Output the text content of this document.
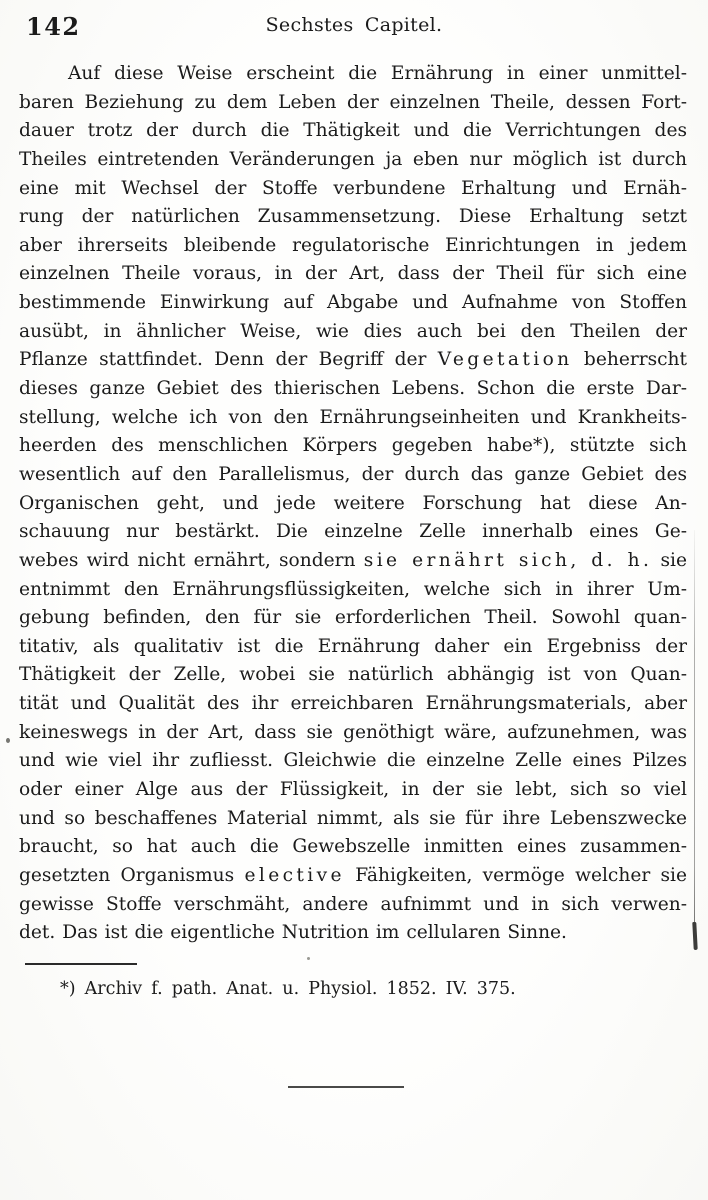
142	Sechstes Capitel.
Auf diese Weise erscheint die Ernährung in einer unmittel-
baren Beziehung zu dem Leben der einzelnen Theile, dessen Fort-
dauer trotz der durch die Thätigkeit und die Verrichtungen des
Theiles eintretenden Veränderungen ja eben nur möglich ist durch
eine mit Wechsel der Stoffe verbundene Erhaltung und Ernäh-
rung der natürlichen Zusammensetzung. Diese Erhaltung setzt
aber ihrerseits bleibende regulatorische Einrichtungen in jedem
einzelnen Theile voraus, in der Art, dass der Theil für sich eine
bestimmende Einwirkung auf Abgabe und Aufnahme von Stoffen
ausübt, in ähnlicher Weise, wie dies auch bei den Theilen der
Pflanze stattfindet. Denn der Begriff der Vegetation beherrscht
dieses ganze Gebiet des thierischen Lebens. Schon die erste Dar-
stellung, welche ich von den Ernährungseinheiten und Krankheits-
heerden des menschlichen Körpers gegeben habe*), stützte sich
wesentlich auf den Parallelismus, der durch das ganze Gebiet des
Organischen geht, und jede weitere Forschung hat diese An-
schauung nur bestärkt. Die einzelne Zelle innerhalb eines Ge-
webes wird nicht ernährt, sondern sie ernährt sich, d. h. sie
entnimmt den Ernährungsflüssigkeiten, welche sich in ihrer Um-
gebung befinden, den für sie erforderlichen Theil. Sowohl quan-
titativ, als qualitativ ist die Ernährung daher ein Ergebniss der
Thätigkeit der Zelle, wobei sie natürlich abhängig ist von Quan-
tität und Qualität des ihr erreichbaren Ernährungsmaterials, aber
keineswegs in der Art, dass sie genöthigt wäre, aufzunehmen, was
und wie viel ihr zufliesst. Gleichwie die einzelne Zelle eines Pilzes
oder einer Alge aus der Flüssigkeit, in der sie lebt, sich so viel
und so beschaffenes Material nimmt, als sie für ihre Lebenszwecke
braucht, so hat auch die Gewebszelle inmitten eines zusammen-
gesetzten Organismus elective Fähigkeiten, vermöge welcher sie
gewisse Stoffe verschmäht, andere aufnimmt und in sich verwen-
det. Das ist die eigentliche Nutrition im cellularen Sinne.
*) Archiv f. path. Anat. u. Physiol. 1852. IV. 375.
